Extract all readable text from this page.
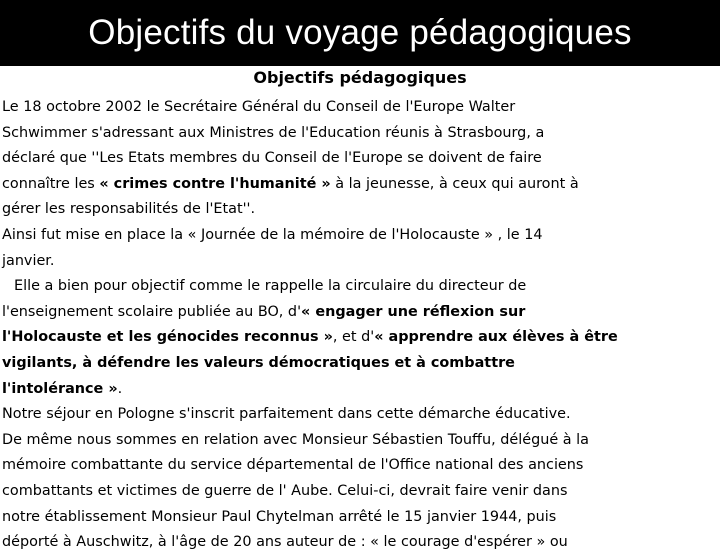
Objectifs du voyage pédagogiques
Objectifs pédagogiques
Le 18 octobre 2002 le Secrétaire Général du Conseil de l'Europe Walter
Schwimmer s'adressant aux Ministres de l'Education réunis à Strasbourg, a
déclaré que ''Les Etats membres du Conseil de l'Europe se doivent de faire
connaître les « crimes contre l'humanité » à la jeunesse, à ceux qui auront à
gérer les responsabilités de l'Etat''.
Ainsi fut mise en place la « Journée de la mémoire de l'Holocauste » , le 14
janvier.
Elle a bien pour objectif comme le rappelle la circulaire du directeur de
l'enseignement scolaire publiée au BO, d'« engager une réflexion sur
l'Holocauste et les génocides reconnus », et d'« apprendre aux élèves à être
vigilants, à défendre les valeurs démocratiques et à combattre
l'intolérance ».
Notre séjour en Pologne s'inscrit parfaitement dans cette démarche éducative.
De même nous sommes en relation avec Monsieur Sébastien Touffu, délégué à la
mémoire combattante du service départemental de l'Office national des anciens
combattants et victimes de guerre de l' Aube. Celui-ci, devrait faire venir dans
notre établissement Monsieur Paul Chytelman arrêté le 15 janvier 1944, puis
déporté à Auschwitz, à l'âge de 20 ans auteur de : « le courage d'espérer » ou
